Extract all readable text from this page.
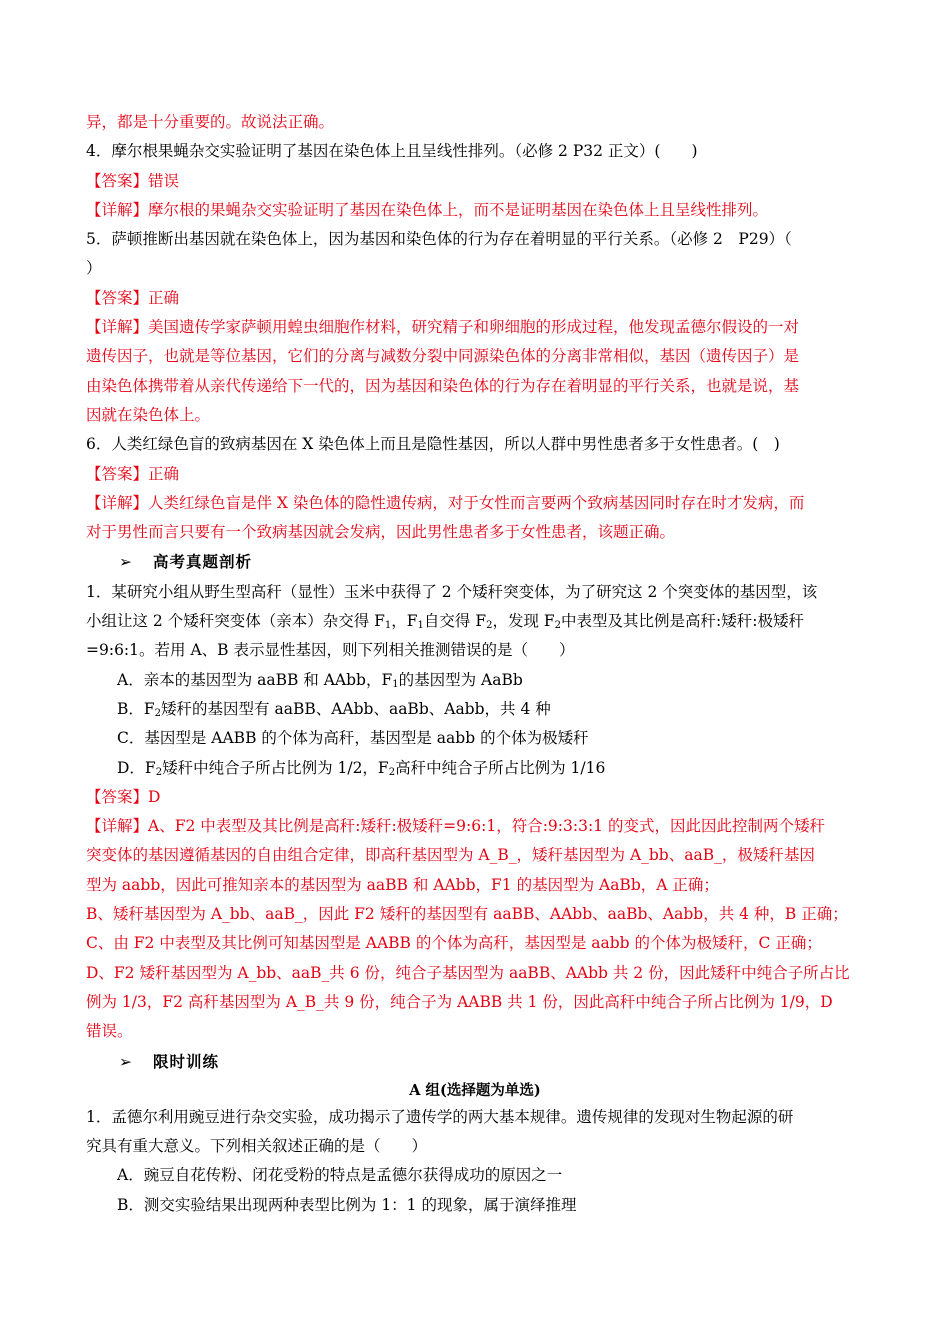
异，都是十分重要的。故说法正确。

4．摩尔根果蝇杂交实验证明了基因在染色体上且呈线性排列。（必修 2 P32 正文）(　　)

【答案】错误

【详解】摩尔根的果蝇杂交实验证明了基因在染色体上，而不是证明基因在染色体上且呈线性排列。

5．萨顿推断出基因就在染色体上，因为基因和染色体的行为存在着明显的平行关系。（必修 2　P29）（

）

【答案】正确

【详解】美国遗传学家萨顿用蝗虫细胞作材料，研究精子和卵细胞的形成过程，他发现孟德尔假设的一对

遗传因子，也就是等位基因，它们的分离与减数分裂中同源染色体的分离非常相似，基因（遗传因子）是

由染色体携带着从亲代传递给下一代的，因为基因和染色体的行为存在着明显的平行关系，也就是说，基

因就在染色体上。

6．人类红绿色盲的致病基因在 X 染色体上而且是隐性基因，所以人群中男性患者多于女性患者。(　)

【答案】正确

【详解】人类红绿色盲是伴 X 染色体的隐性遗传病，对于女性而言要两个致病基因同时存在时才发病，而

对于男性而言只要有一个致病基因就会发病，因此男性患者多于女性患者，该题正确。

➢ 高考真题剖析

1．某研究小组从野生型高秆（显性）玉米中获得了 2 个矮秆突变体，为了研究这 2 个突变体的基因型，该

小组让这 2 个矮秆突变体（亲本）杂交得 $F_1$，$F_1$自交得 $F_2$，发现 $F_2$中表型及其比例是高秆:矮秆:极矮秆

=9:6:1。若用 A、B 表示显性基因，则下列相关推测错误的是（　　）

A．亲本的基因型为 aaBB 和 AAbb，$F_1$的基因型为 AaBb

B．$F_2$矮秆的基因型有 aaBB、AAbb、aaBb、Aabb，共 4 种

C．基因型是 AABB 的个体为高秆，基因型是 aabb 的个体为极矮秆

D．$F_2$矮秆中纯合子所占比例为 1/2，$F_2$高秆中纯合子所占比例为 1/16

【答案】D

【详解】A、F2 中表型及其比例是高秆:矮秆:极矮秆=9:6:1，符合:9:3:3:1 的变式，因此因此控制两个矮秆

突变体的基因遵循基因的自由组合定律，即高秆基因型为 A_B_，矮秆基因型为 A_bb、aaB_，极矮秆基因

型为 aabb，因此可推知亲本的基因型为 aaBB 和 AAbb，F1 的基因型为 AaBb，A 正确；

B、矮秆基因型为 A_bb、aaB_，因此 F2 矮秆的基因型有 aaBB、AAbb、aaBb、Aabb，共 4 种，B 正确；

C、由 F2 中表型及其比例可知基因型是 AABB 的个体为高秆，基因型是 aabb 的个体为极矮秆，C 正确；

D、F2 矮秆基因型为 A_bb、aaB_共 6 份，纯合子基因型为 aaBB、AAbb 共 2 份，因此矮秆中纯合子所占比

例为 1/3，F2 高秆基因型为 A_B_共 9 份，纯合子为 AABB 共 1 份，因此高秆中纯合子所占比例为 1/9，D

错误。

➢ 限时训练

A 组(选择题为单选)

1．孟德尔利用豌豆进行杂交实验，成功揭示了遗传学的两大基本规律。遗传规律的发现对生物起源的研

究具有重大意义。下列相关叙述正确的是（　　）

A．豌豆自花传粉、闭花受粉的特点是孟德尔获得成功的原因之一

B．测交实验结果出现两种表型比例为 1：1 的现象，属于演绎推理
